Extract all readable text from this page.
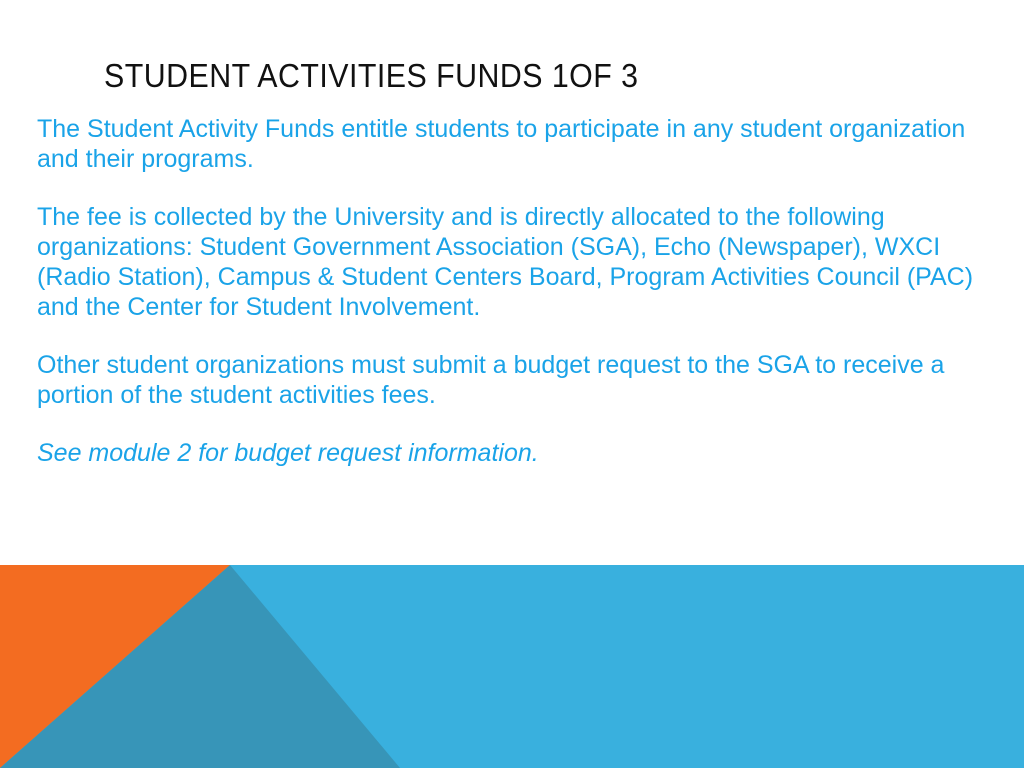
STUDENT ACTIVITIES FUNDS 1OF 3

The Student Activity Funds entitle students to participate in any student organization and their programs.

The fee is collected by the University and is directly allocated to the following organizations: Student Government Association (SGA), Echo (Newspaper), WXCI (Radio Station), Campus & Student Centers Board, Program Activities Council (PAC) and the Center for Student Involvement.

Other student organizations must submit a budget request to the SGA to receive a portion of the student activities fees.

See module 2 for budget request information.
